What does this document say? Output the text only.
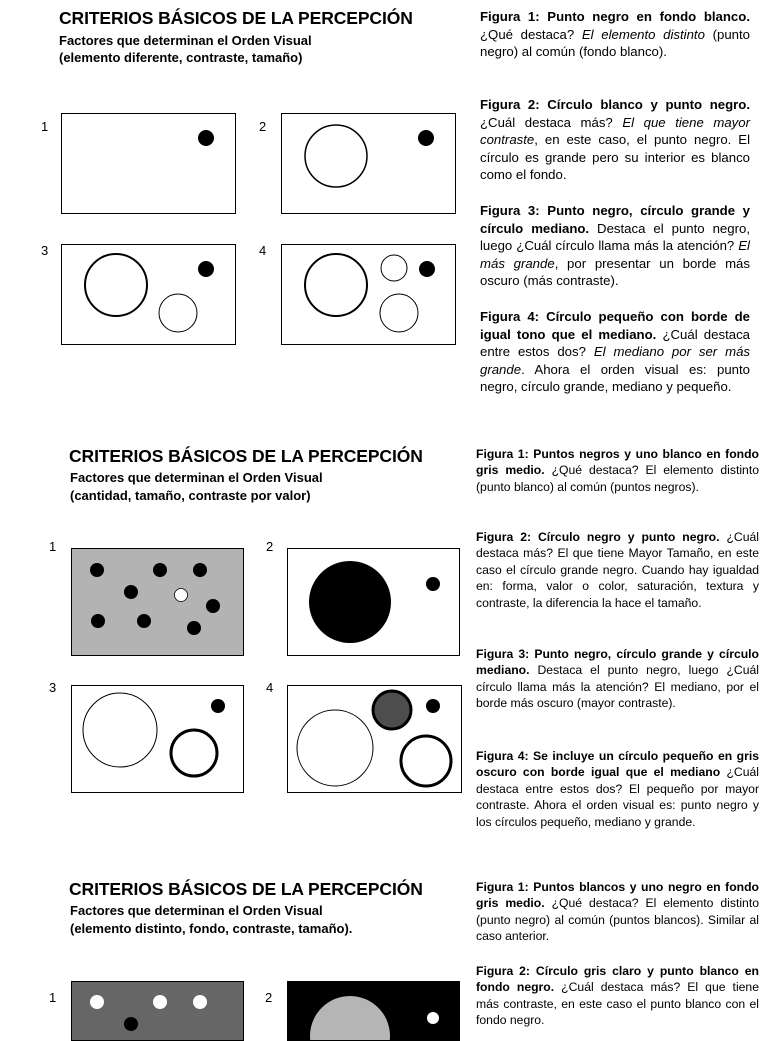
CRITERIOS BÁSICOS DE LA PERCEPCIÓN
Factores que determinan el Orden Visual
(elemento diferente, contraste, tamaño)
1	2
3	4
Figura 1: Punto negro en fondo blanco. ¿Qué destaca? El elemento distinto (punto negro) al común (fondo blanco).
Figura 2: Círculo blanco y punto negro. ¿Cuál destaca más? El que tiene mayor contraste, en este caso, el punto negro. El círculo es grande pero su interior es blanco como el fondo.
Figura 3: Punto negro, círculo grande y círculo mediano. Destaca el punto negro, luego ¿Cuál círculo llama más la atención? El más grande, por presentar un borde más oscuro (más contraste).
Figura 4: Círculo pequeño con borde de igual tono que el mediano. ¿Cuál destaca entre estos dos? El mediano por ser más grande. Ahora el orden visual es: punto negro, círculo grande, mediano y pequeño.
CRITERIOS BÁSICOS DE LA PERCEPCIÓN
Factores que determinan el Orden Visual
(cantidad, tamaño, contraste por valor)
1	2
3	4
Figura 1: Puntos negros y uno blanco en fondo gris medio. ¿Qué destaca? El elemento distinto (punto blanco) al común (puntos negros).
Figura 2: Círculo negro y punto negro. ¿Cuál destaca más? El que tiene Mayor Tamaño, en este caso el círculo grande negro. Cuando hay igualdad en: forma, valor o color, saturación, textura y contraste, la diferencia la hace el tamaño.
Figura 3: Punto negro, círculo grande y círculo mediano. Destaca el punto negro, luego ¿Cuál círculo llama más la atención? El mediano, por el borde más oscuro (mayor contraste).
Figura 4: Se incluye un círculo pequeño en gris oscuro con borde igual que el mediano ¿Cuál destaca entre estos dos? El pequeño por mayor contraste. Ahora el orden visual es: punto negro y los círculos pequeño, mediano y grande.
CRITERIOS BÁSICOS DE LA PERCEPCIÓN
Factores que determinan el Orden Visual
(elemento distinto, fondo, contraste, tamaño).
1	2
Figura 1: Puntos blancos y uno negro en fondo gris medio. ¿Qué destaca? El elemento distinto (punto negro) al común (puntos blancos). Similar al caso anterior.
Figura 2: Círculo gris claro y punto blanco en fondo negro. ¿Cuál destaca más? El que tiene más contraste, en este caso el punto blanco con el fondo negro.
